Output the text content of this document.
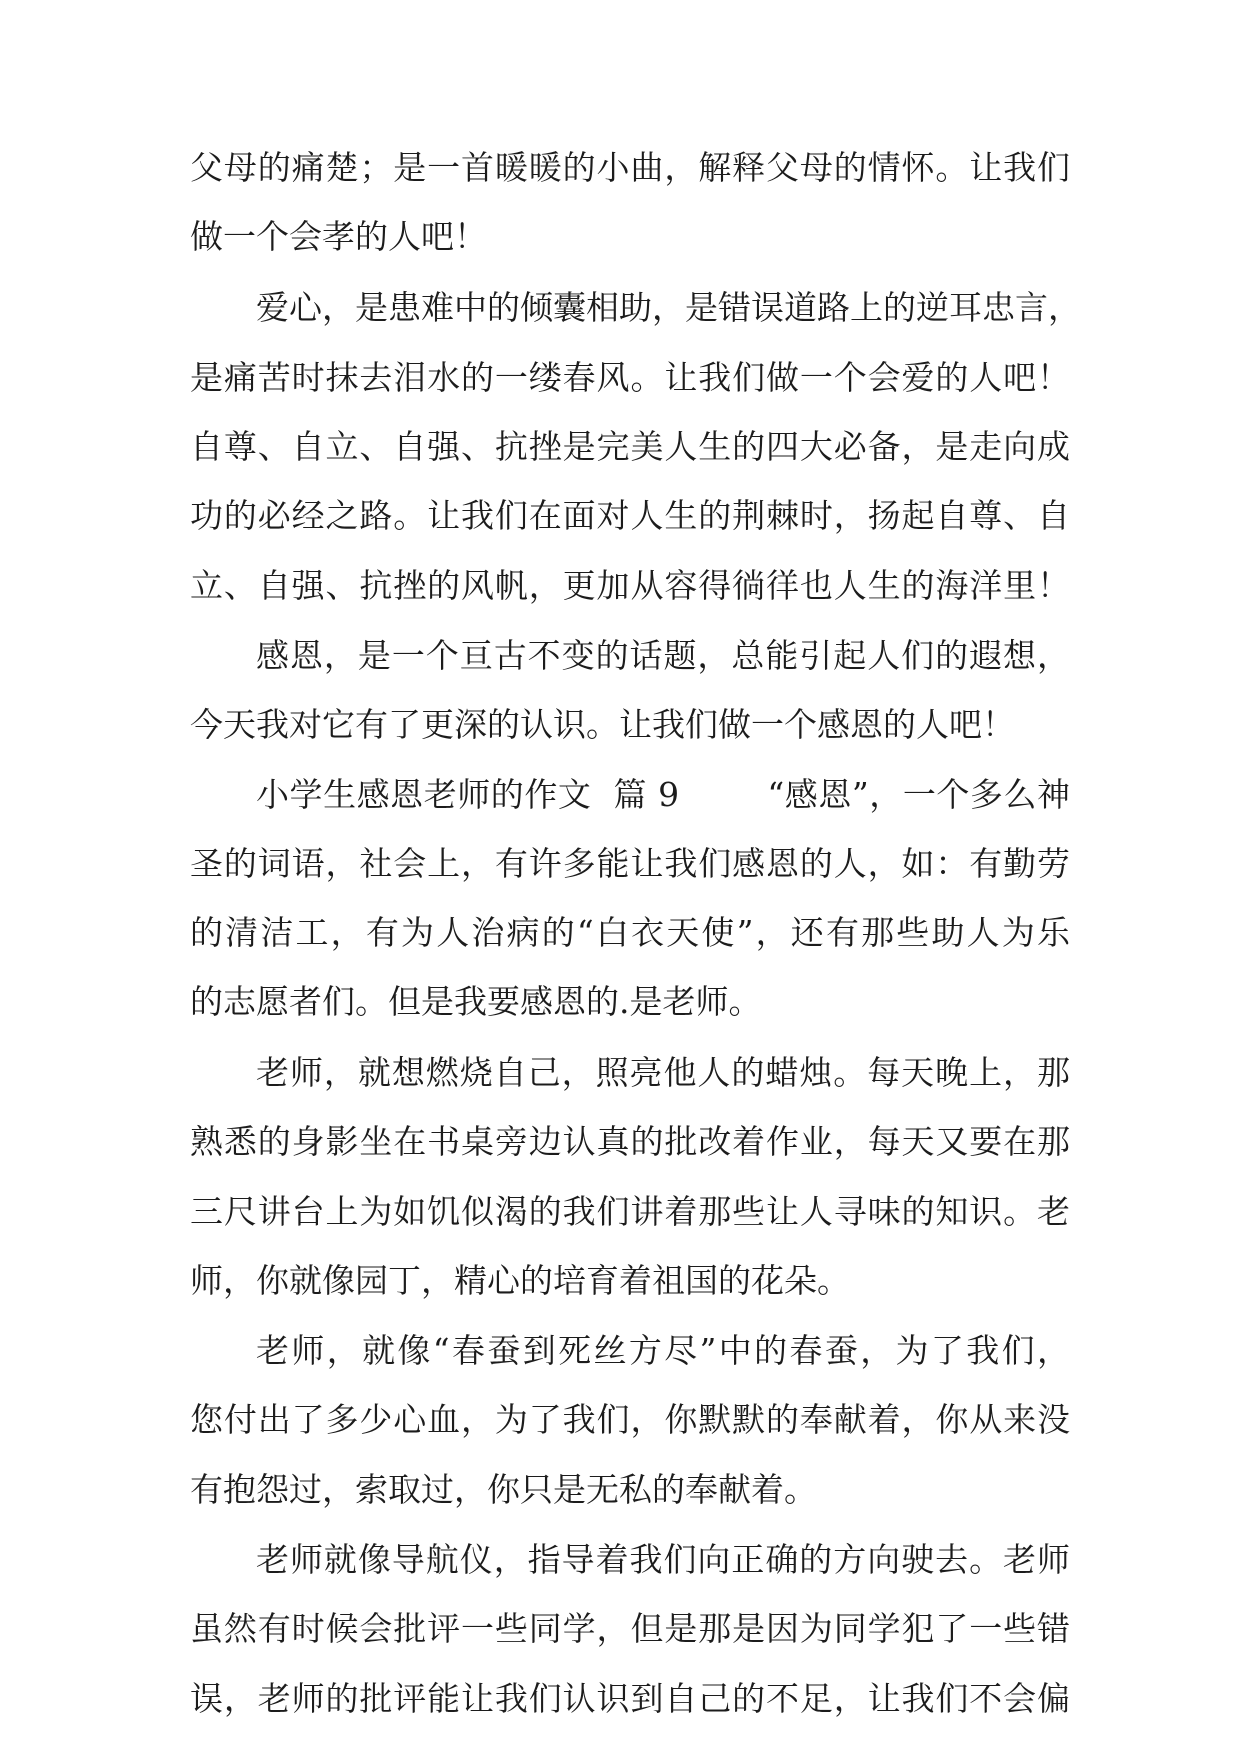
父母的痛楚；是一首暖暖的小曲，解释父母的情怀。让我们
做一个会孝的人吧！
爱心，是患难中的倾囊相助，是错误道路上的逆耳忠言，
是痛苦时抹去泪水的一缕春风。让我们做一个会爱的人吧！
自尊、自立、自强、抗挫是完美人生的四大必备，是走向成
功的必经之路。让我们在面对人生的荆棘时，扬起自尊、自
立、自强、抗挫的风帆，更加从容得徜徉也人生的海洋里！
感恩，是一个亘古不变的话题，总能引起人们的遐想，
今天我对它有了更深的认识。让我们做一个感恩的人吧！
小学生感恩老师的作文  篇 9        “感恩”，一个多么神
圣的词语，社会上，有许多能让我们感恩的人，如：有勤劳
的清洁工，有为人治病的“白衣天使”，还有那些助人为乐
的志愿者们。但是我要感恩的.是老师。
老师，就想燃烧自己，照亮他人的蜡烛。每天晚上，那
熟悉的身影坐在书桌旁边认真的批改着作业，每天又要在那
三尺讲台上为如饥似渴的我们讲着那些让人寻味的知识。老
师，你就像园丁，精心的培育着祖国的花朵。
老师，就像“春蚕到死丝方尽”中的春蚕，为了我们，
您付出了多少心血，为了我们，你默默的奉献着，你从来没
有抱怨过，索取过，你只是无私的奉献着。
老师就像导航仪，指导着我们向正确的方向驶去。老师
虽然有时候会批评一些同学，但是那是因为同学犯了一些错
误，老师的批评能让我们认识到自己的不足，让我们不会偏
